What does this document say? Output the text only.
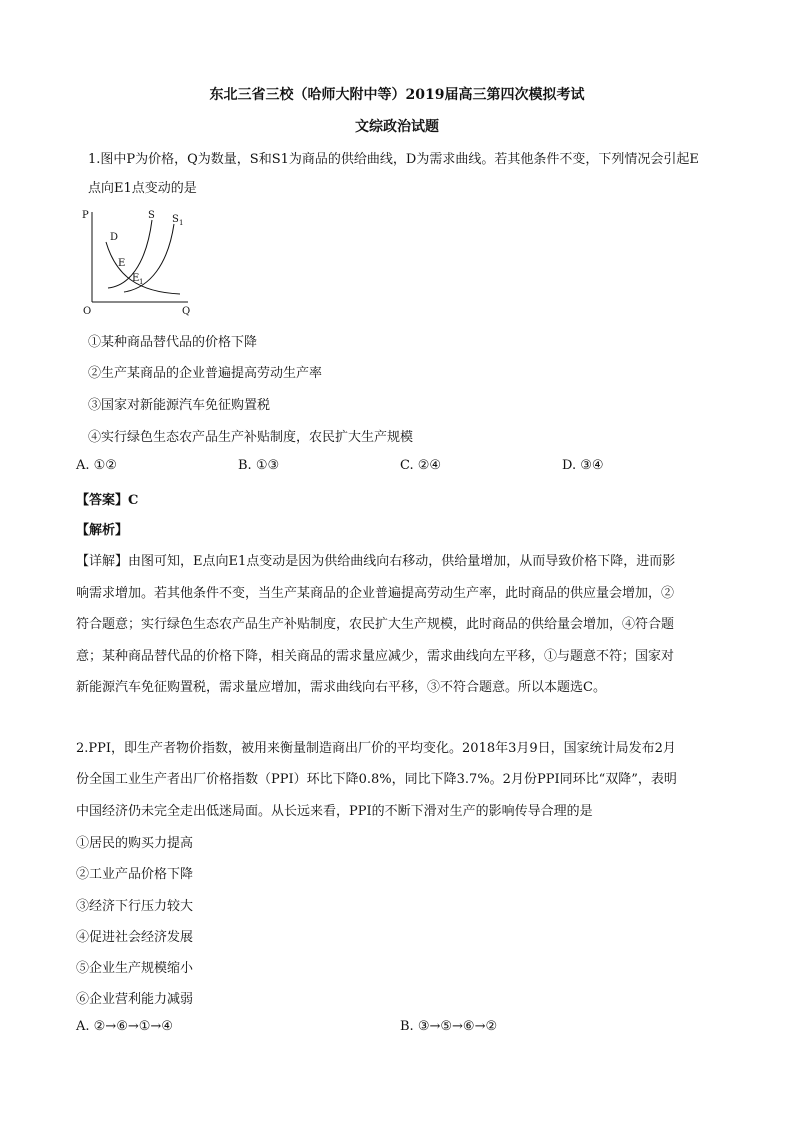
东北三省三校（哈师大附中等）2019届高三第四次模拟考试
文综政治试题
1.图中P为价格，Q为数量，S和S1为商品的供给曲线，D为需求曲线。若其他条件不变，下列情况会引起E
点向E1点变动的是
P
Q
O
D
S S 1
E
E 1
①某种商品替代品的价格下降
②生产某商品的企业普遍提高劳动生产率
③国家对新能源汽车免征购置税
④实行绿色生态农产品生产补贴制度，农民扩大生产规模
A. ①②	B. ①③	C. ②④	D. ③④
【答案】C
【解析】
【详解】由图可知，E点向E1点变动是因为供给曲线向右移动，供给量增加，从而导致价格下降，进而影
响需求增加。若其他条件不变，当生产某商品的企业普遍提高劳动生产率，此时商品的供应量会增加，②
符合题意；实行绿色生态农产品生产补贴制度，农民扩大生产规模，此时商品的供给量会增加，④符合题
意；某种商品替代品的价格下降，相关商品的需求量应减少，需求曲线向左平移，①与题意不符；国家对
新能源汽车免征购置税，需求量应增加，需求曲线向右平移，③不符合题意。所以本题选C。
2.PPI，即生产者物价指数，被用来衡量制造商出厂价的平均变化。2018年3月9日，国家统计局发布2月
份全国工业生产者出厂价格指数（PPI）环比下降0.8%，同比下降3.7%。2月份PPI同环比“双降”，表明
中国经济仍未完全走出低迷局面。从长远来看，PPI的不断下滑对生产的影响传导合理的是
①居民的购买力提高
②工业产品价格下降
③经济下行压力较大
④促进社会经济发展
⑤企业生产规模缩小
⑥企业营利能力减弱
A. ②→⑥→①→④	B. ③→⑤→⑥→②
